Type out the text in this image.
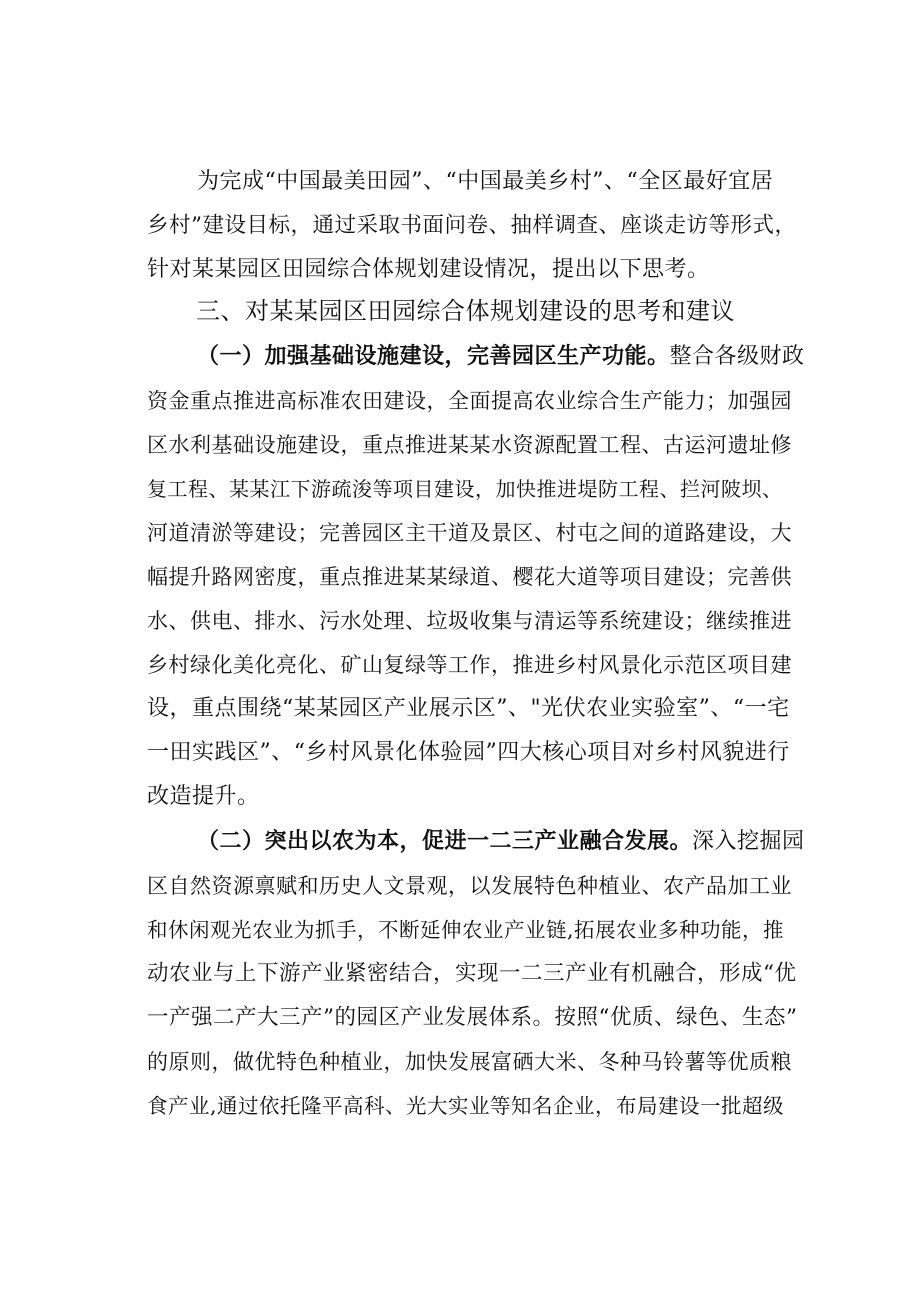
为完成“中国最美田园”、“中国最美乡村”、“全区最好宜居
乡村”建设目标，通过采取书面问卷、抽样调查、座谈走访等形式，
针对某某园区田园综合体规划建设情况，提出以下思考。
三、对某某园区田园综合体规划建设的思考和建议
（一）加强基础设施建设，完善园区生产功能。整合各级财政
资金重点推进高标准农田建设，全面提高农业综合生产能力；加强园
区水利基础设施建设，重点推进某某水资源配置工程、古运河遗址修
复工程、某某江下游疏浚等项目建设，加快推进堤防工程、拦河陂坝、
河道清淤等建设；完善园区主干道及景区、村屯之间的道路建设，大
幅提升路网密度，重点推进某某绿道、樱花大道等项目建设；完善供
水、供电、排水、污水处理、垃圾收集与清运等系统建设；继续推进
乡村绿化美化亮化、矿山复绿等工作，推进乡村风景化示范区项目建
设，重点围绕“某某园区产业展示区”、"光伏农业实验室”、“一宅
一田实践区”、“乡村风景化体验园”四大核心项目对乡村风貌进行
改造提升。
（二）突出以农为本，促进一二三产业融合发展。深入挖掘园
区自然资源禀赋和历史人文景观，以发展特色种植业、农产品加工业
和休闲观光农业为抓手，不断延伸农业产业链,拓展农业多种功能，推
动农业与上下游产业紧密结合，实现一二三产业有机融合，形成“优
一产强二产大三产”的园区产业发展体系。按照“优质、绿色、生态”
的原则，做优特色种植业，加快发展富硒大米、冬种马铃薯等优质粮
食产业,通过依托隆平高科、光大实业等知名企业，布局建设一批超级
